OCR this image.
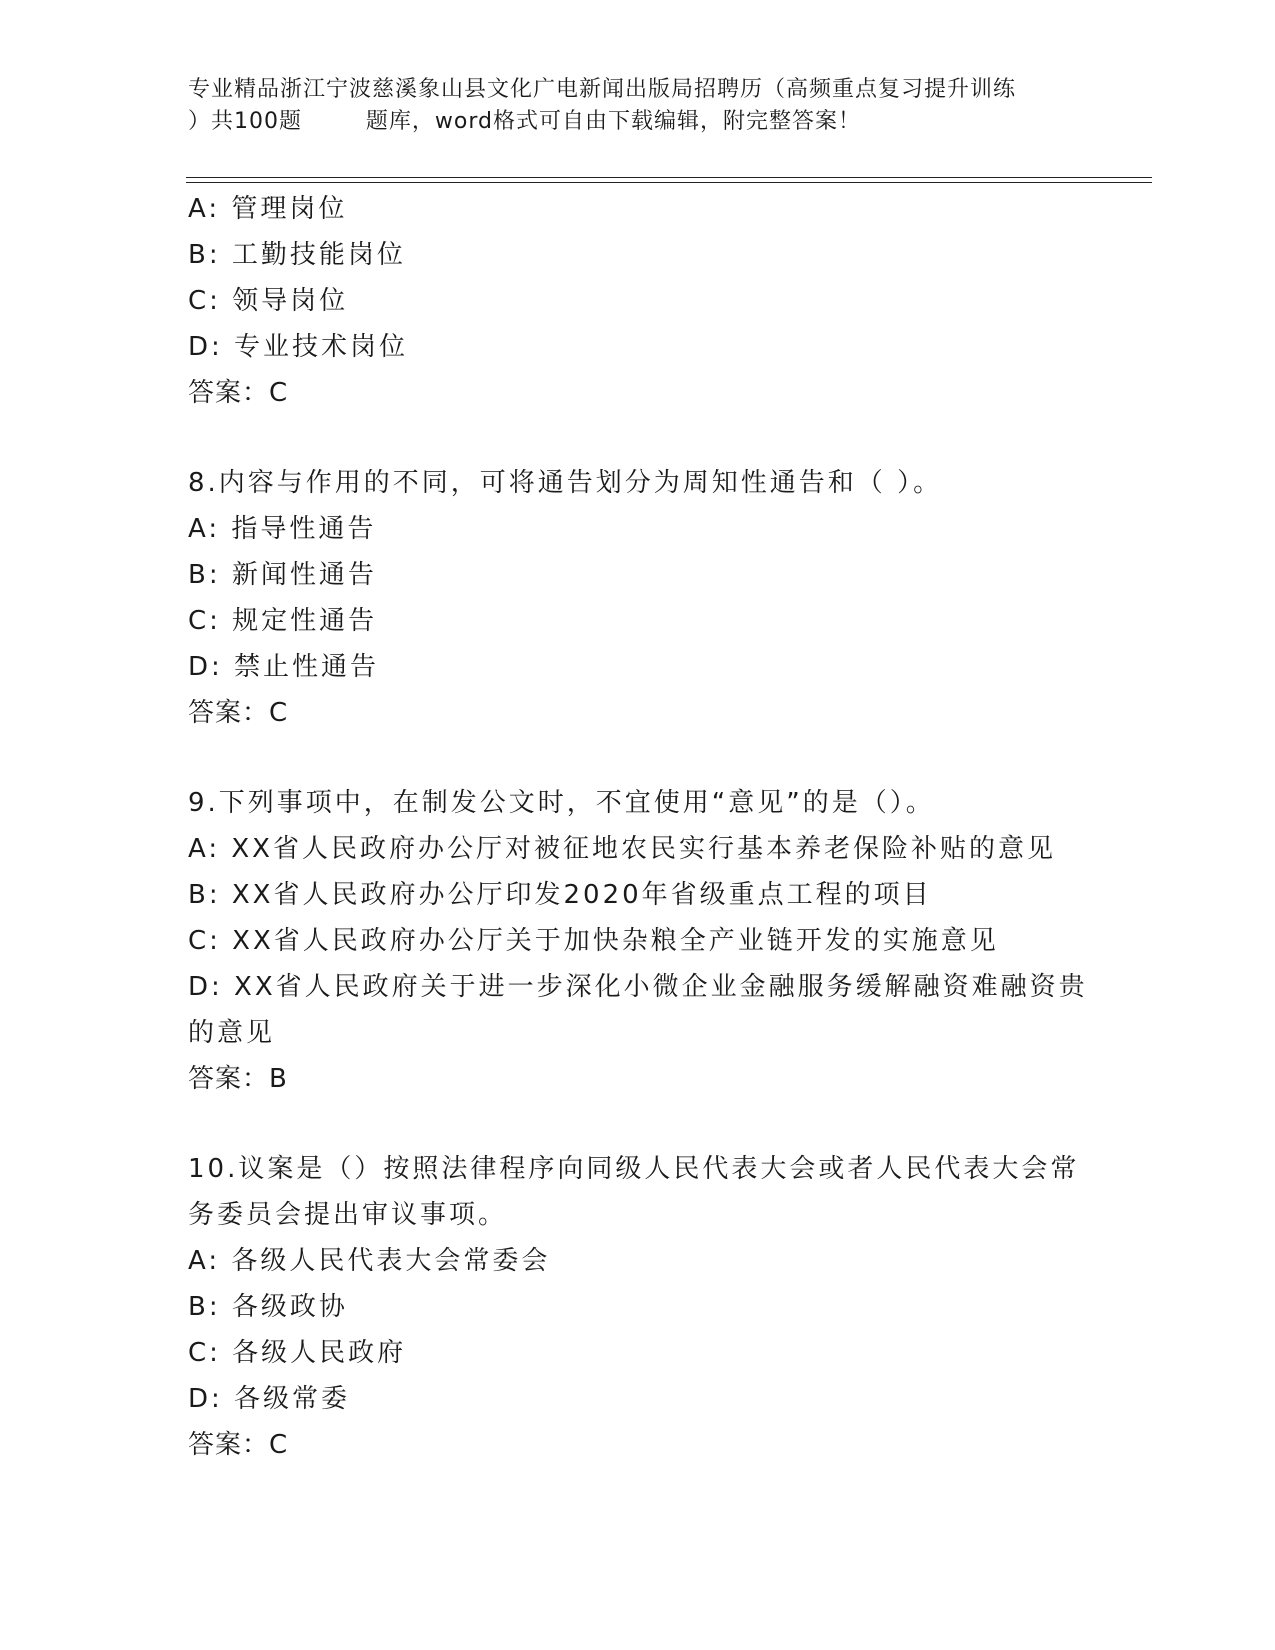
专业精品浙江宁波慈溪象山县文化广电新闻出版局招聘历（高频重点复习提升训练
）共100题        题库，word格式可自由下载编辑，附完整答案！
A: 管理岗位
B: 工勤技能岗位
C: 领导岗位
D: 专业技术岗位
答案：C
8.内容与作用的不同，可将通告划分为周知性通告和（ ）。
A: 指导性通告
B: 新闻性通告
C: 规定性通告
D: 禁止性通告
答案：C
9.下列事项中，在制发公文时，不宜使用“意见”的是（）。
A: XX省人民政府办公厅对被征地农民实行基本养老保险补贴的意见
B: XX省人民政府办公厅印发2020年省级重点工程的项目
C: XX省人民政府办公厅关于加快杂粮全产业链开发的实施意见
D: XX省人民政府关于进一步深化小微企业金融服务缓解融资难融资贵
的意见
答案：B
10.议案是（）按照法律程序向同级人民代表大会或者人民代表大会常
务委员会提出审议事项。
A: 各级人民代表大会常委会
B: 各级政协
C: 各级人民政府
D: 各级常委
答案：C
